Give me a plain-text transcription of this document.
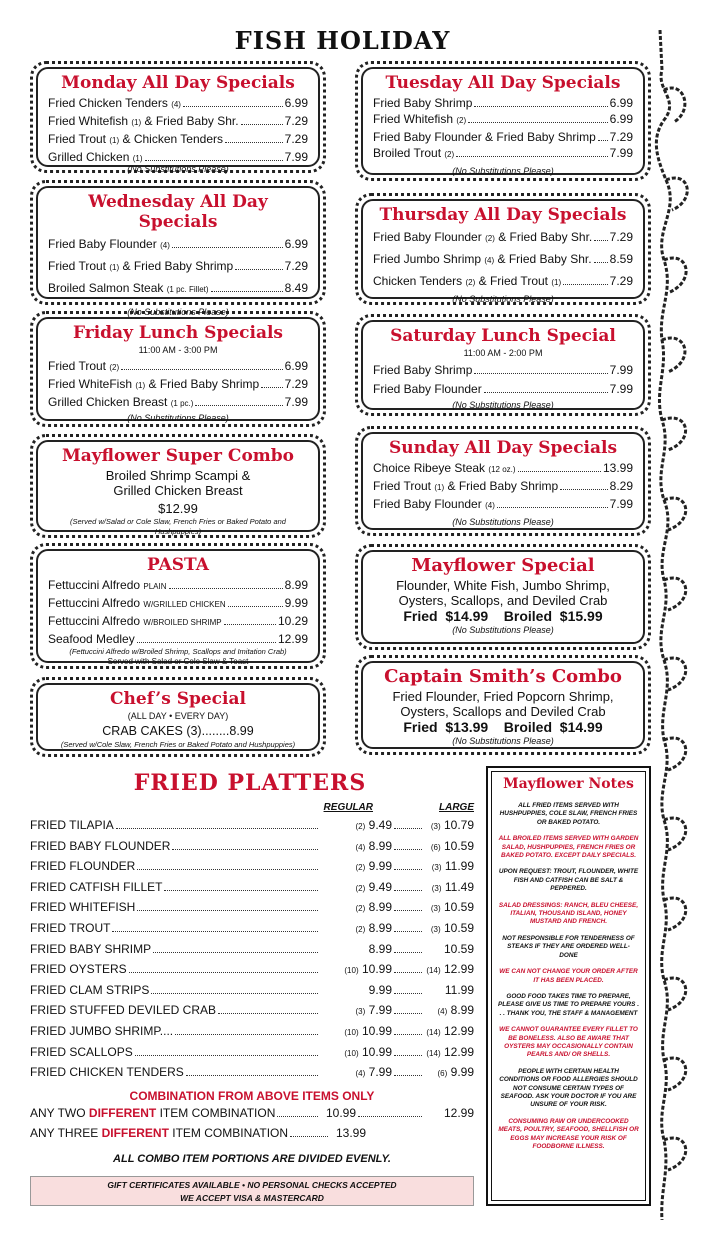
FISH HOLIDAY
Monday All Day Specials
Fried Chicken Tenders (4)	6.99
Fried Whitefish (1) & Fried Baby Shr.	7.29
Fried Trout (1) & Chicken Tenders	7.29
Grilled Chicken (1)	7.99
(No Substitutions Please)
Tuesday All Day Specials
Fried Baby Shrimp	6.99
Fried Whitefish (2)	6.99
Fried Baby Flounder & Fried Baby Shrimp 7.29
Broiled Trout (2)	7.99
(No Substitutions Please)
Wednesday All Day Specials
Fried Baby Flounder (4)	6.99
Fried Trout (1) & Fried Baby Shrimp	7.29
Broiled Salmon Steak (1 pc. Fillet)	8.49
(No Substitutions Please)
Thursday All Day Specials
Fried Baby Flounder (2) & Fried Baby Shr. 7.29
Fried Jumbo Shrimp (4) & Fried Baby Shr. 8.59
Chicken Tenders (2) & Fried Trout (1)	7.29
(No Substitutions Please)
Friday Lunch Specials
11:00 AM - 3:00 PM
Fried Trout (2)	6.99
Fried WhiteFish (1) & Fried Baby Shrimp 7.29
Grilled Chicken Breast (1 pc.)	7.99
(No Substitutions Please)
Saturday Lunch Special
11:00 AM - 2:00 PM
Fried Baby Shrimp	7.99
Fried Baby Flounder	7.99
(No Substitutions Please)
Mayflower Super Combo
Broiled Shrimp Scampi &
Grilled Chicken Breast
$12.99
(Served w/Salad or Cole Slaw, French Fries or Baked Potato and Hushpuppies)
Sunday All Day Specials
Choice Ribeye Steak (12 oz.)	13.99
Fried Trout (1) & Fried Baby Shrimp	8.29
Fried Baby Flounder (4)	7.99
(No Substitutions Please)
PASTA
Fettuccini Alfredo PLAIN	8.99
Fettuccini Alfredo W/GRILLED CHICKEN	9.99
Fettuccini Alfredo W/BROILED SHRIMP	10.29
Seafood Medley	12.99
(Fettuccini Alfredo w/Broiled Shrimp, Scallops and Imitation Crab)
Served with Salad or Cole Slaw & Toast
Mayflower Special
Flounder, White Fish, Jumbo Shrimp,
Oysters, Scallops, and Deviled Crab
Fried $14.99 Broiled $15.99
(No Substitutions Please)
Chef’s Special
(ALL DAY • EVERY DAY)
CRAB CAKES (3)........8.99
(Served w/Cole Slaw, French Fries or Baked Potato and Hushpuppies)
Captain Smith’s Combo
Fried Flounder, Fried Popcorn Shrimp,
Oysters, Scallops and Deviled Crab
Fried $13.99 Broiled $14.99
(No Substitutions Please)
FRIED PLATTERS
REGULAR	LARGE
FRIED TILAPIA	(2) 9.49	(3) 10.79
FRIED BABY FLOUNDER	(4) 8.99	(6) 10.59
FRIED FLOUNDER	(2) 9.99	(3) 11.99
FRIED CATFISH FILLET	(2) 9.49	(3) 11.49
FRIED WHITEFISH	(2) 8.99	(3) 10.59
FRIED TROUT	(2) 8.99	(3) 10.59
FRIED BABY SHRIMP	8.99	10.59
FRIED OYSTERS	(10) 10.99	(14) 12.99
FRIED CLAM STRIPS	9.99	11.99
FRIED STUFFED DEVILED CRAB	(3) 7.99	(4) 8.99
FRIED JUMBO SHRIMP....	(10) 10.99	(14) 12.99
FRIED SCALLOPS	(10) 10.99	(14) 12.99
FRIED CHICKEN TENDERS	(4) 7.99	(6) 9.99
COMBINATION FROM ABOVE ITEMS ONLY
ANY TWO DIFFERENT ITEM COMBINATION	10.99	12.99
ANY THREE DIFFERENT ITEM COMBINATION	13.99
ALL COMBO ITEM PORTIONS ARE DIVIDED EVENLY.
GIFT CERTIFICATES AVAILABLE • NO PERSONAL CHECKS ACCEPTED
WE ACCEPT VISA & MASTERCARD
Mayflower Notes

ALL FRIED ITEMS SERVED WITH HUSHPUPPIES, COLE SLAW, FRENCH FRIES OR BAKED POTATO.

ALL BROILED ITEMS SERVED WITH GARDEN SALAD, HUSHPUPPIES, FRENCH FRIES OR BAKED POTATO. EXCEPT DAILY SPECIALS.

UPON REQUEST: TROUT, FLOUNDER, WHITE FISH AND CATFISH CAN BE SALT & PEPPERED.

SALAD DRESSINGS: RANCH, BLEU CHEESE, ITALIAN, THOUSAND ISLAND, HONEY MUSTARD AND FRENCH.

NOT RESPONSIBLE FOR TENDERNESS OF STEAKS IF THEY ARE ORDERED WELL-DONE

WE CAN NOT CHANGE YOUR ORDER AFTER IT HAS BEEN PLACED.

GOOD FOOD TAKES TIME TO PREPARE, PLEASE GIVE US TIME TO PREPARE YOURS . . . THANK YOU, THE STAFF & MANAGEMENT

WE CANNOT GUARANTEE EVERY FILLET TO BE BONELESS. ALSO BE AWARE THAT OYSTERS MAY OCCASIONALLY CONTAIN PEARLS AND/ OR SHELLS.

PEOPLE WITH CERTAIN HEALTH CONDITIONS OR FOOD ALLERGIES SHOULD NOT CONSUME CERTAIN TYPES OF SEAFOOD. ASK YOUR DOCTOR IF YOU ARE UNSURE OF YOUR RISK.

CONSUMING RAW OR UNDERCOOKED MEATS, POULTRY, SEAFOOD, SHELLFISH OR EGGS MAY INCREASE YOUR RISK OF FOODBORNE ILLNESS.
